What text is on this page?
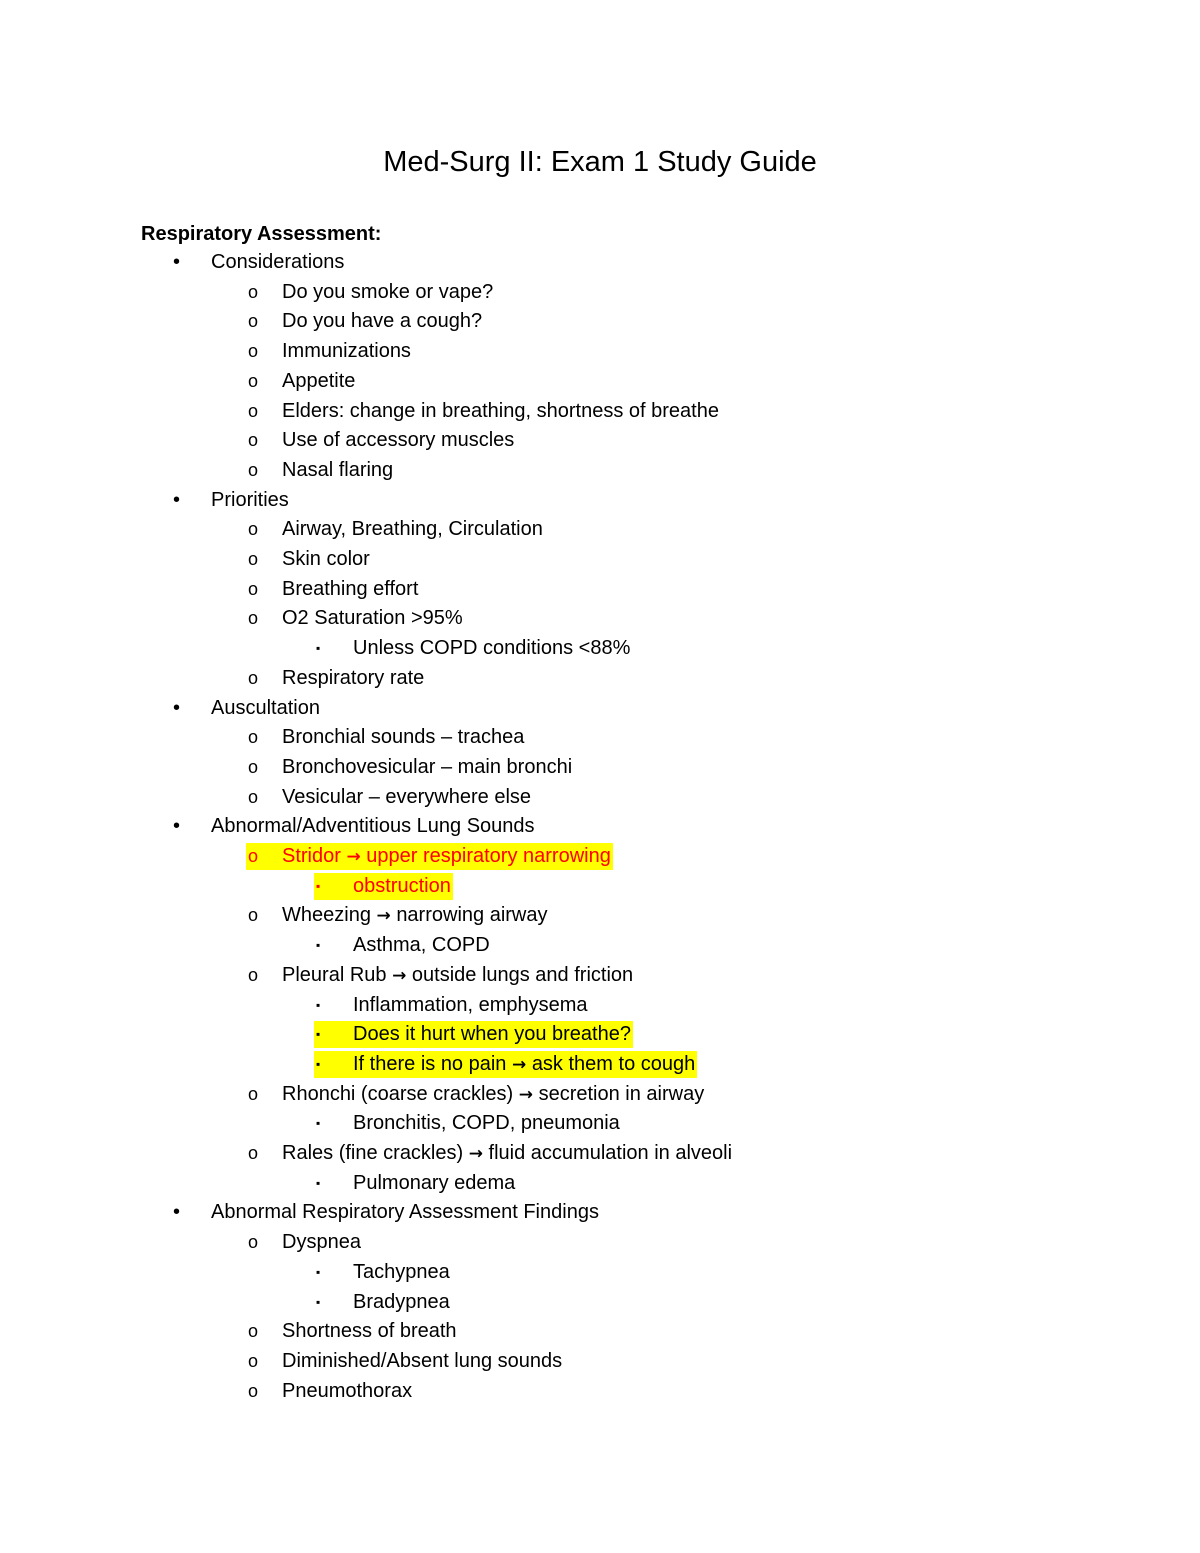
Med-Surg II: Exam 1 Study Guide
Respiratory Assessment:
• Considerations
o Do you smoke or vape?
o Do you have a cough?
o Immunizations
o Appetite
o Elders: change in breathing, shortness of breathe
o Use of accessory muscles
o Nasal flaring
• Priorities
o Airway, Breathing, Circulation
o Skin color
o Breathing effort
o O2 Saturation >95%
▪ Unless COPD conditions <88%
o Respiratory rate
• Auscultation
o Bronchial sounds – trachea
o Bronchovesicular – main bronchi
o Vesicular – everywhere else
• Abnormal/Adventitious Lung Sounds
o Stridor → upper respiratory narrowing
▪ obstruction
o Wheezing → narrowing airway
▪ Asthma, COPD
o Pleural Rub → outside lungs and friction
▪ Inflammation, emphysema
▪ Does it hurt when you breathe?
▪ If there is no pain → ask them to cough
o Rhonchi (coarse crackles) → secretion in airway
▪ Bronchitis, COPD, pneumonia
o Rales (fine crackles) → fluid accumulation in alveoli
▪ Pulmonary edema
• Abnormal Respiratory Assessment Findings
o Dyspnea
▪ Tachypnea
▪ Bradypnea
o Shortness of breath
o Diminished/Absent lung sounds
o Pneumothorax
